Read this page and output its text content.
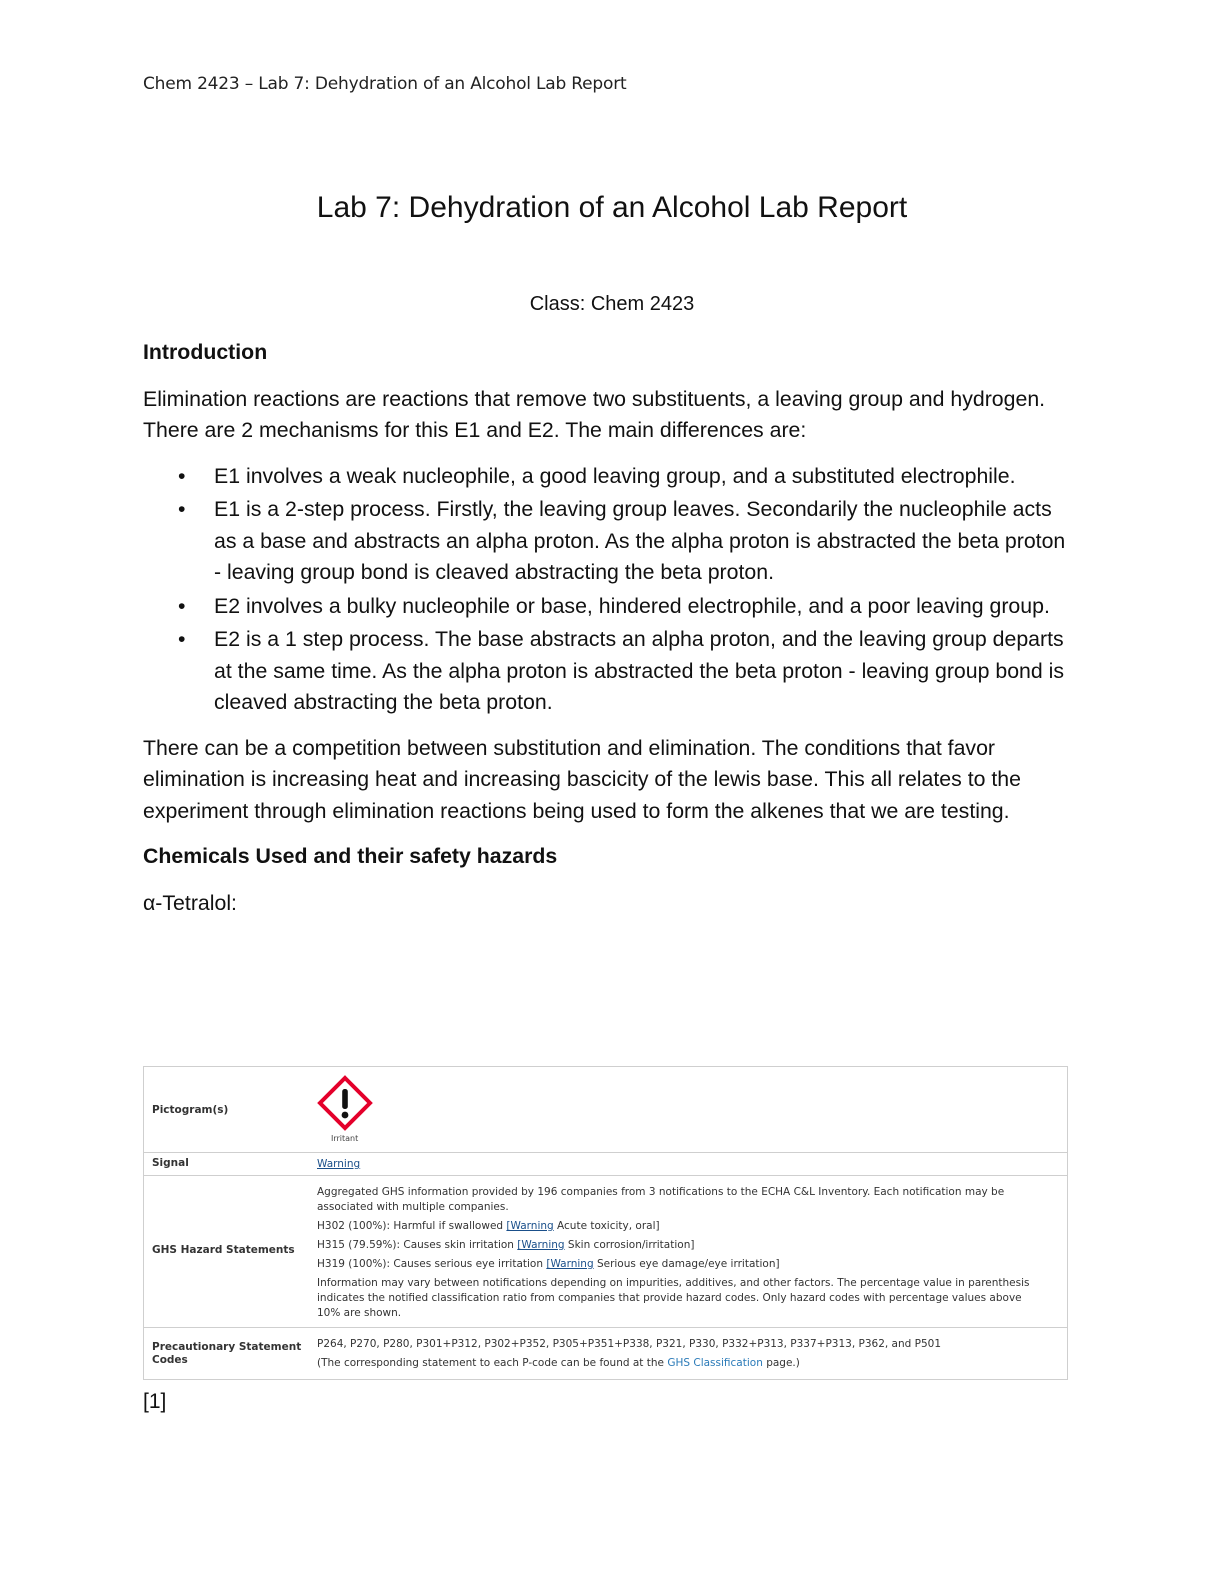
Chem 2423 – Lab 7: Dehydration of an Alcohol Lab Report
Lab 7: Dehydration of an Alcohol Lab Report
Class: Chem 2423
Introduction

Elimination reactions are reactions that remove two substituents, a leaving group and hydrogen. There are 2 mechanisms for this E1 and E2. The main differences are:

• E1 involves a weak nucleophile, a good leaving group, and a substituted electrophile.
• E1 is a 2-step process. Firstly, the leaving group leaves. Secondarily the nucleophile acts as a base and abstracts an alpha proton. As the alpha proton is abstracted the beta proton - leaving group bond is cleaved abstracting the beta proton.
• E2 involves a bulky nucleophile or base, hindered electrophile, and a poor leaving group.
• E2 is a 1 step process. The base abstracts an alpha proton, and the leaving group departs at the same time. As the alpha proton is abstracted the beta proton - leaving group bond is cleaved abstracting the beta proton.

There can be a competition between substitution and elimination. The conditions that favor elimination is increasing heat and increasing bascicity of the lewis base. This all relates to the experiment through elimination reactions being used to form the alkenes that we are testing.

Chemicals Used and their safety hazards
α-Tetralol:
Pictogram(s)
Irritant
Signal	Warning
GHS Hazard Statements

Aggregated GHS information provided by 196 companies from 3 notifications to the ECHA C&L Inventory. Each notification may be associated with multiple companies.

H302 (100%): Harmful if swallowed [Warning Acute toxicity, oral]

H315 (79.59%): Causes skin irritation [Warning Skin corrosion/irritation]

H319 (100%): Causes serious eye irritation [Warning Serious eye damage/eye irritation]

Information may vary between notifications depending on impurities, additives, and other factors. The percentage value in parenthesis indicates the notified classification ratio from companies that provide hazard codes. Only hazard codes with percentage values above 10% are shown.

Precautionary Statement Codes

P264, P270, P280, P301+P312, P302+P352, P305+P351+P338, P321, P330, P332+P313, P337+P313, P362, and P501

(The corresponding statement to each P-code can be found at the GHS Classification page.)

[1]
